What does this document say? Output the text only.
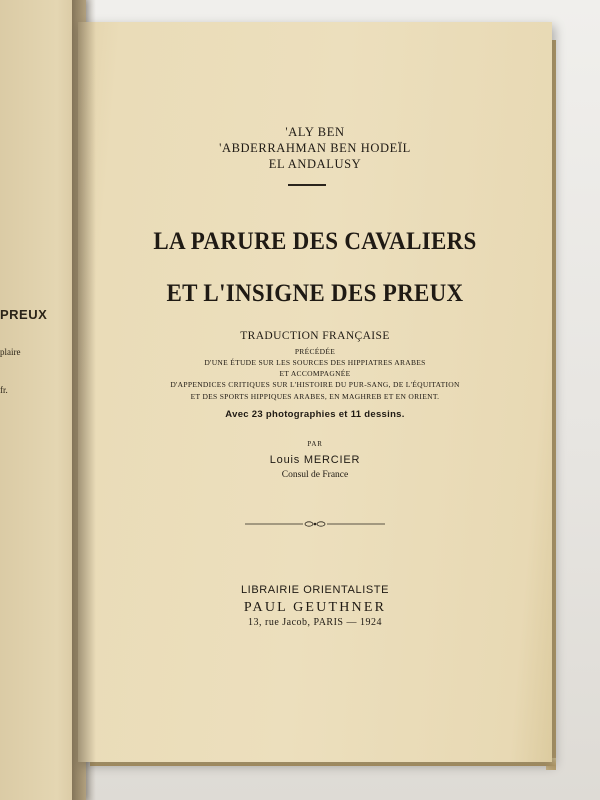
PREUX
plaire
fr.
'ALY BEN
'ABDERRAHMAN BEN HODEÏL
EL ANDALUSY
LA PARURE DES CAVALIERS
ET L'INSIGNE DES PREUX
TRADUCTION FRANÇAISE
PRÉCÉDÉE
D'UNE ÉTUDE SUR LES SOURCES DES HIPPIATRES ARABES
ET ACCOMPAGNÉE
D'APPENDICES CRITIQUES SUR L'HISTOIRE DU PUR-SANG, DE L'ÉQUITATION
ET DES SPORTS HIPPIQUES ARABES, EN MAGHREB ET EN ORIENT.
Avec 23 photographies et 11 dessins.
PAR
Louis MERCIER
Consul de France
LIBRAIRIE ORIENTALISTE
PAUL GEUTHNER
13, rue Jacob, PARIS — 1924
